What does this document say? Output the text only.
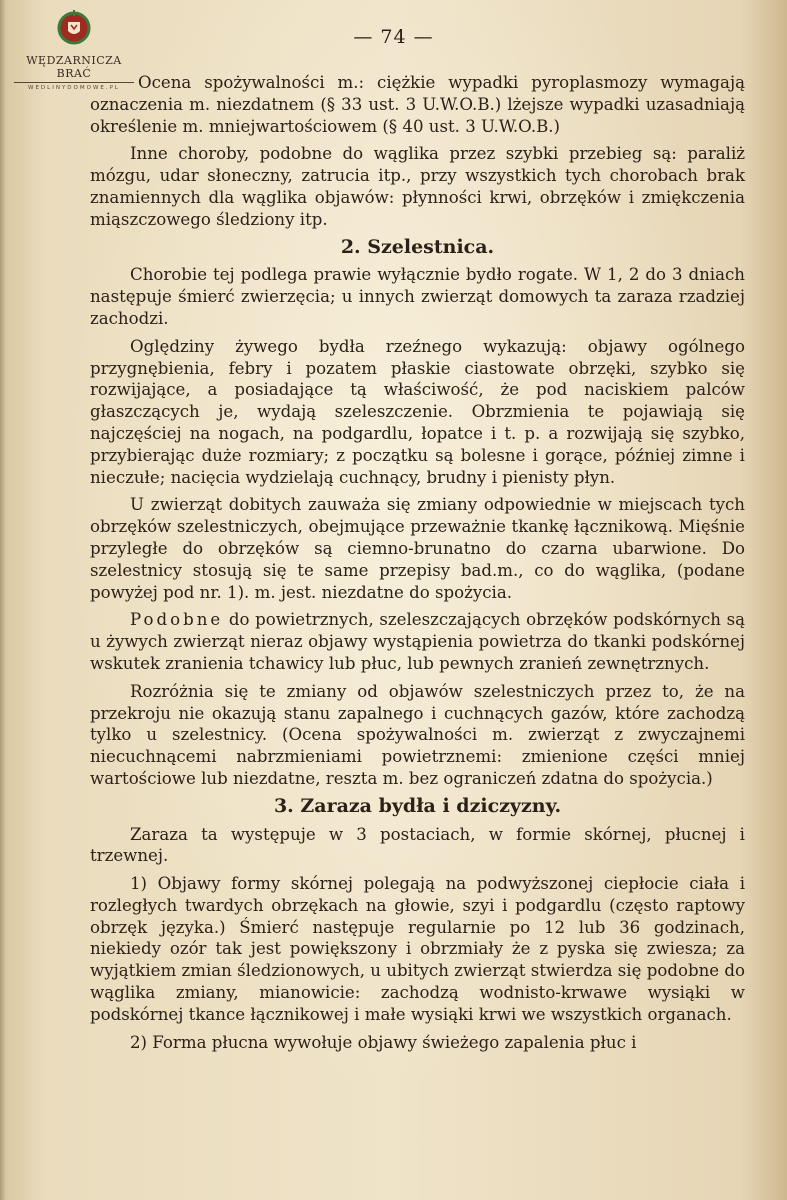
WĘDZARNICZA BRAĆ
WEDLINYDOMOWE.PL
— 74 —

Ocena spożywalności m.: ciężkie wypadki pyroplasmozy wymagają oznaczenia m. niezdatnem (§ 33 ust. 3 U.W.O.B.) lżejsze wypadki uzasadniają określenie m. mniejwartościowem (§ 40 ust. 3 U.W.O.B.)

Inne choroby, podobne do wąglika przez szybki przebieg są: paraliż mózgu, udar słoneczny, zatrucia itp., przy wszystkich tych chorobach brak znamiennych dla wąglika objawów: płynności krwi, obrzęków i zmiękczenia miąszczowego śledziony itp.

2. Szelestnica.

Chorobie tej podlega prawie wyłącznie bydło rogate. W 1, 2 do 3 dniach następuje śmierć zwierzęcia; u innych zwierząt domowych ta zaraza rzadziej zachodzi.

Oględziny żywego bydła rzeźnego wykazują: objawy ogólnego przygnębienia, febry i pozatem płaskie ciastowate obrzęki, szybko się rozwijające, a posiadające tą właściwość, że pod naciskiem palców głaszczących je, wydają szeleszczenie. Obrzmienia te pojawiają się najczęściej na nogach, na podgardlu, łopatce i t. p. a rozwijają się szybko, przybierając duże rozmiary; z początku są bolesne i gorące, później zimne i nieczułe; nacięcia wydzielają cuchnący, brudny i pienisty płyn.

U zwierząt dobitych zauważa się zmiany odpowiednie w miejscach tych obrzęków szelestniczych, obejmujące przeważnie tkankę łącznikową. Mięśnie przyległe do obrzęków są ciemno-brunatno do czarna ubarwione. Do szelestnicy stosują się te same przepisy bad.m., co do wąglika, (podane powyżej pod nr. 1). m. jest. niezdatne do spożycia.

Podobne do powietrznych, szeleszczających obrzęków podskórnych są u żywych zwierząt nieraz objawy wystąpienia powietrza do tkanki podskórnej wskutek zranienia tchawicy lub płuc, lub pewnych zranień zewnętrznych.

Rozróżnia się te zmiany od objawów szelestniczych przez to, że na przekroju nie okazują stanu zapalnego i cuchnących gazów, które zachodzą tylko u szelestnicy. (Ocena spożywalności m. zwierząt z zwyczajnemi niecuchnącemi nabrzmieniami powietrznemi: zmienione części mniej wartościowe lub niezdatne, reszta m. bez ograniczeń zdatna do spożycia.)

3. Zaraza bydła i dziczyzny.

Zaraza ta występuje w 3 postaciach, w formie skórnej, płucnej i trzewnej.

1) Objawy formy skórnej polegają na podwyższonej ciepłocie ciała i rozległych twardych obrzękach na głowie, szyi i podgardlu (często raptowy obrzęk języka.) Śmierć następuje regularnie po 12 lub 36 godzinach, niekiedy ozór tak jest powiększony i obrzmiały że z pyska się zwiesza; za wyjątkiem zmian śledzionowych, u ubitych zwierząt stwierdza się podobne do wąglika zmiany, mianowicie: zachodzą wodnisto-krwawe wysiąki w podskórnej tkance łącznikowej i małe wysiąki krwi we wszystkich organach.

2) Forma płucna wywołuje objawy świeżego zapalenia płuc i
